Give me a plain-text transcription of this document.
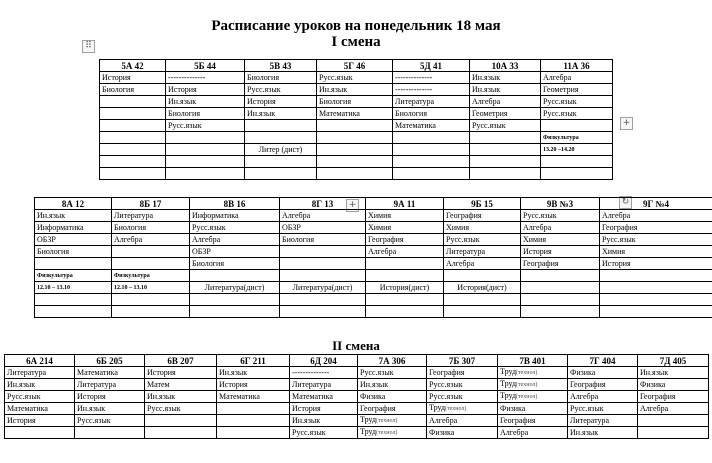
Расписание уроков на понедельник 18 мая
I смена
II смена
⠿
+
+	↻
5А 42	5Б 44	5В 43	5Г 46	5Д 41	10А 33	11А 36
История	--------------	Биология	Русс.язык	--------------	Ин.язык	Алгебра
Биология	История	Русс.язык	Ин.язык	--------------	Ин.язык	Геометрия
	Ин.язык	История	Биология	Литература	Алгебра	Русс.язык
	Биология	Ин.язык	Математика	Биология	Геометрия	Русс.язык
	Русс.язык			Математика	Русс.язык	
						Физкультура
		Литер (дист)				13.20 –14.20

8А 12	8Б 17	8В 16	8Г 13	9А 11	9Б 15	9В №3	9Г №4
Ин.язык	Литература	Информатика	Алгебра	Химия	География	Русс.язык	Алгебра
Информатика	Биология	Русс.язык	ОБЗР	Химия	Химия	Алгебра	География
ОБЗР	Алгебра	Алгебра	Биология	География	Русс.язык	Химия	Русс.язык
Биология		ОБЗР		Алгебра	Литература	История	Химия
		Биология			Алгебра	География	История
Физкультура	Физкультура						
12.10 – 13.10	12.10 – 13.10	Литература(дист)	Литература(дист)	История(дист)	История(дист)		

6А 214	6Б 205	6В 207	6Г 211	6Д 204	7А 306	7Б 307	7В 401	7Г 404	7Д 405
Литература	Математика	История	Ин.язык	--------------	Русс.язык	География	Труд(технол)	Физика	Ин.язык
Ин.язык	Литература	Матем	История	Литература	Ин.язык	Русс.язык	Труд(технол)	География	Физика
Русс.язык	История	Ин.язык	Математика	Математика	Физика	Русс.язык	Труд(технол)	Алгебра	География
Математика	Ин.язык	Русс.язык		История	География	Труд(технол)	Физика	Русс.язык	Алгебра
История	Русс.язык			Ин.язык	Труд(технол)	Алгебра	География	Литература	
				Русс.язык	Труд(технол)	Физика	Алгебра	Ин.язык	
